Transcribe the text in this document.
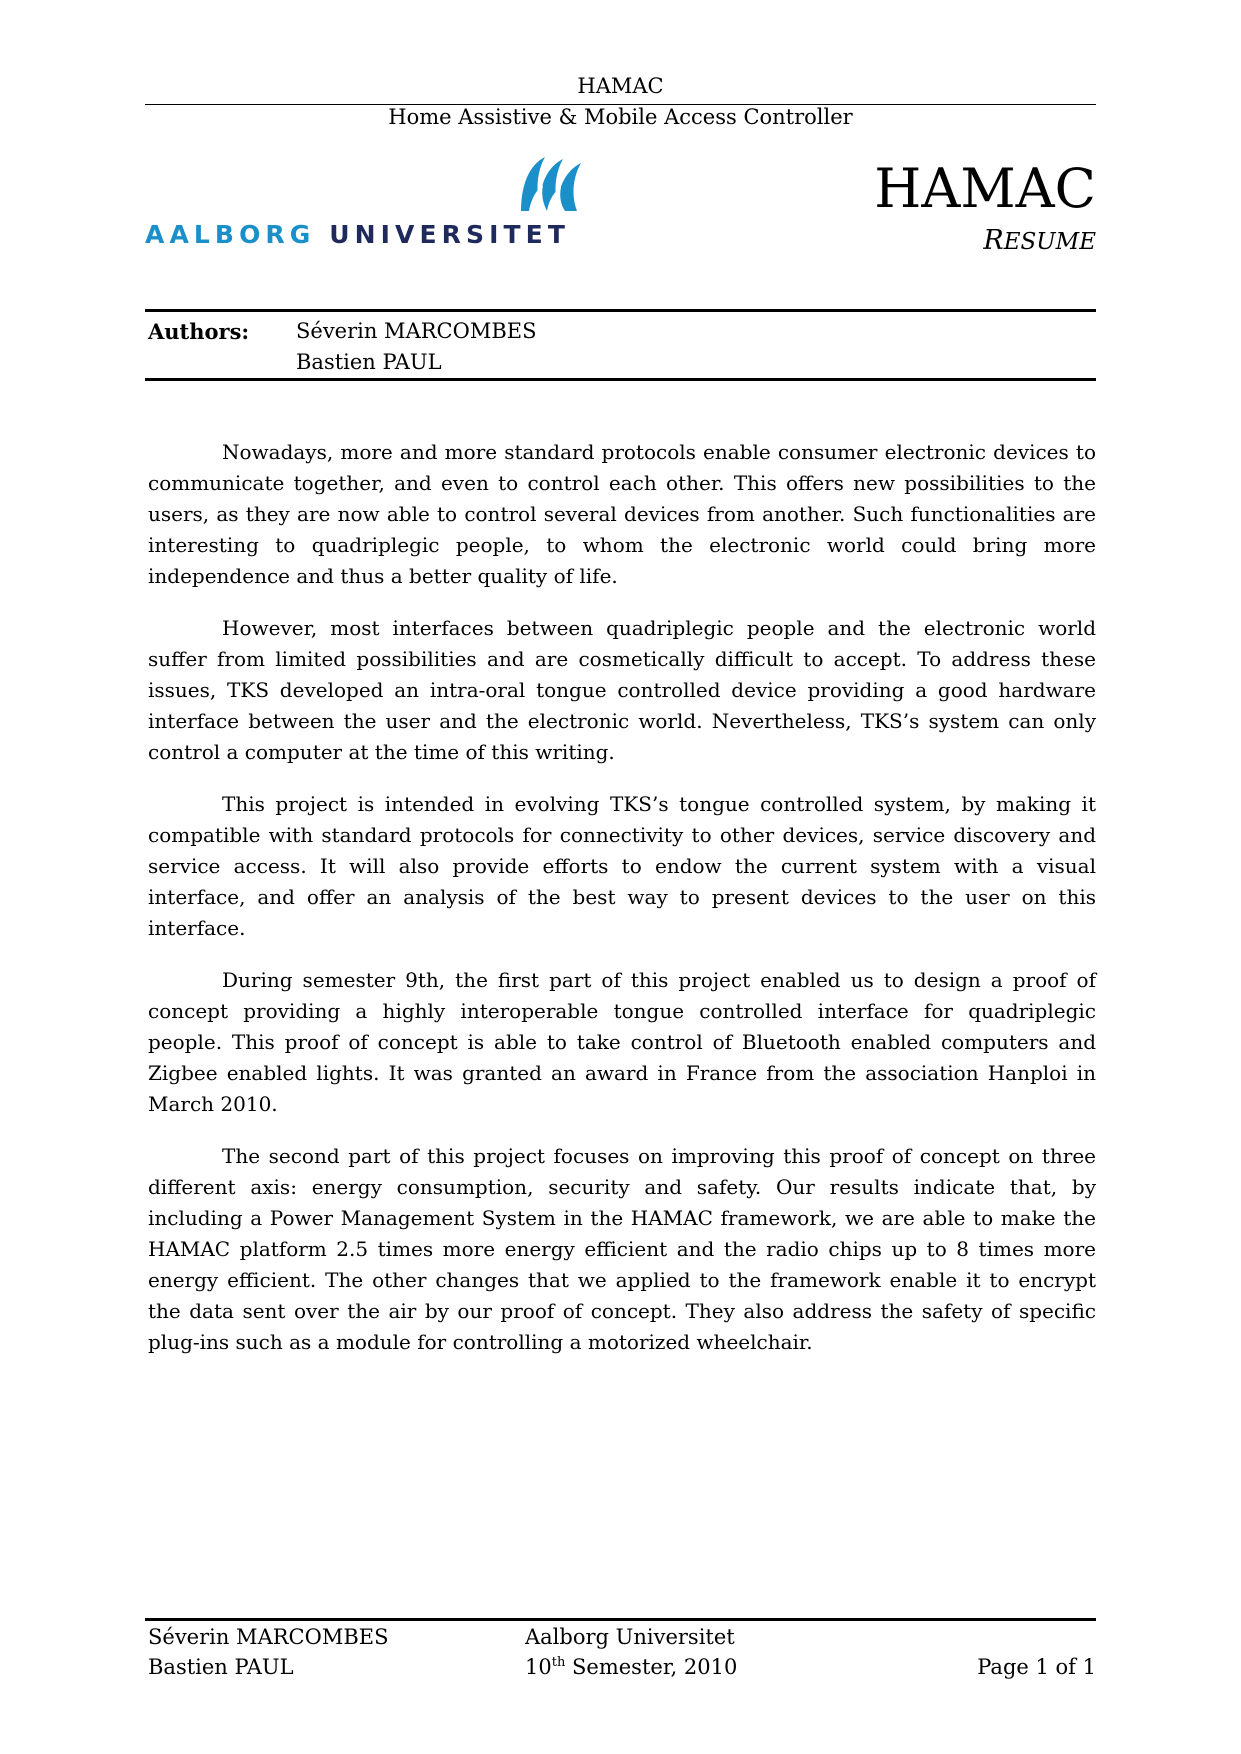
HAMAC
Home Assistive & Mobile Access Controller
AALBORG UNIVERSITET
HAMAC
RESUME
Authors: Séverin MARCOMBES
Bastien PAUL

Nowadays, more and more standard protocols enable consumer electronic devices to communicate together, and even to control each other. This offers new possibilities to the users, as they are now able to control several devices from another. Such functionalities are interesting to quadriplegic people, to whom the electronic world could bring more independence and thus a better quality of life.

However, most interfaces between quadriplegic people and the electronic world suffer from limited possibilities and are cosmetically difficult to accept. To address these issues, TKS developed an intra-oral tongue controlled device providing a good hardware interface between the user and the electronic world. Nevertheless, TKS’s system can only control a computer at the time of this writing.

This project is intended in evolving TKS’s tongue controlled system, by making it compatible with standard protocols for connectivity to other devices, service discovery and service access. It will also provide efforts to endow the current system with a visual interface, and offer an analysis of the best way to present devices to the user on this interface.

During semester 9th, the first part of this project enabled us to design a proof of concept providing a highly interoperable tongue controlled interface for quadriplegic people. This proof of concept is able to take control of Bluetooth enabled computers and Zigbee enabled lights. It was granted an award in France from the association Hanploi in March 2010.

The second part of this project focuses on improving this proof of concept on three different axis: energy consumption, security and safety. Our results indicate that, by including a Power Management System in the HAMAC framework, we are able to make the HAMAC platform 2.5 times more energy efficient and the radio chips up to 8 times more energy efficient. The other changes that we applied to the framework enable it to encrypt the data sent over the air by our proof of concept. They also address the safety of specific plug-ins such as a module for controlling a motorized wheelchair.

Séverin MARCOMBES
Bastien PAUL
Aalborg Universitet
10th Semester, 2010	Page 1 of 1
